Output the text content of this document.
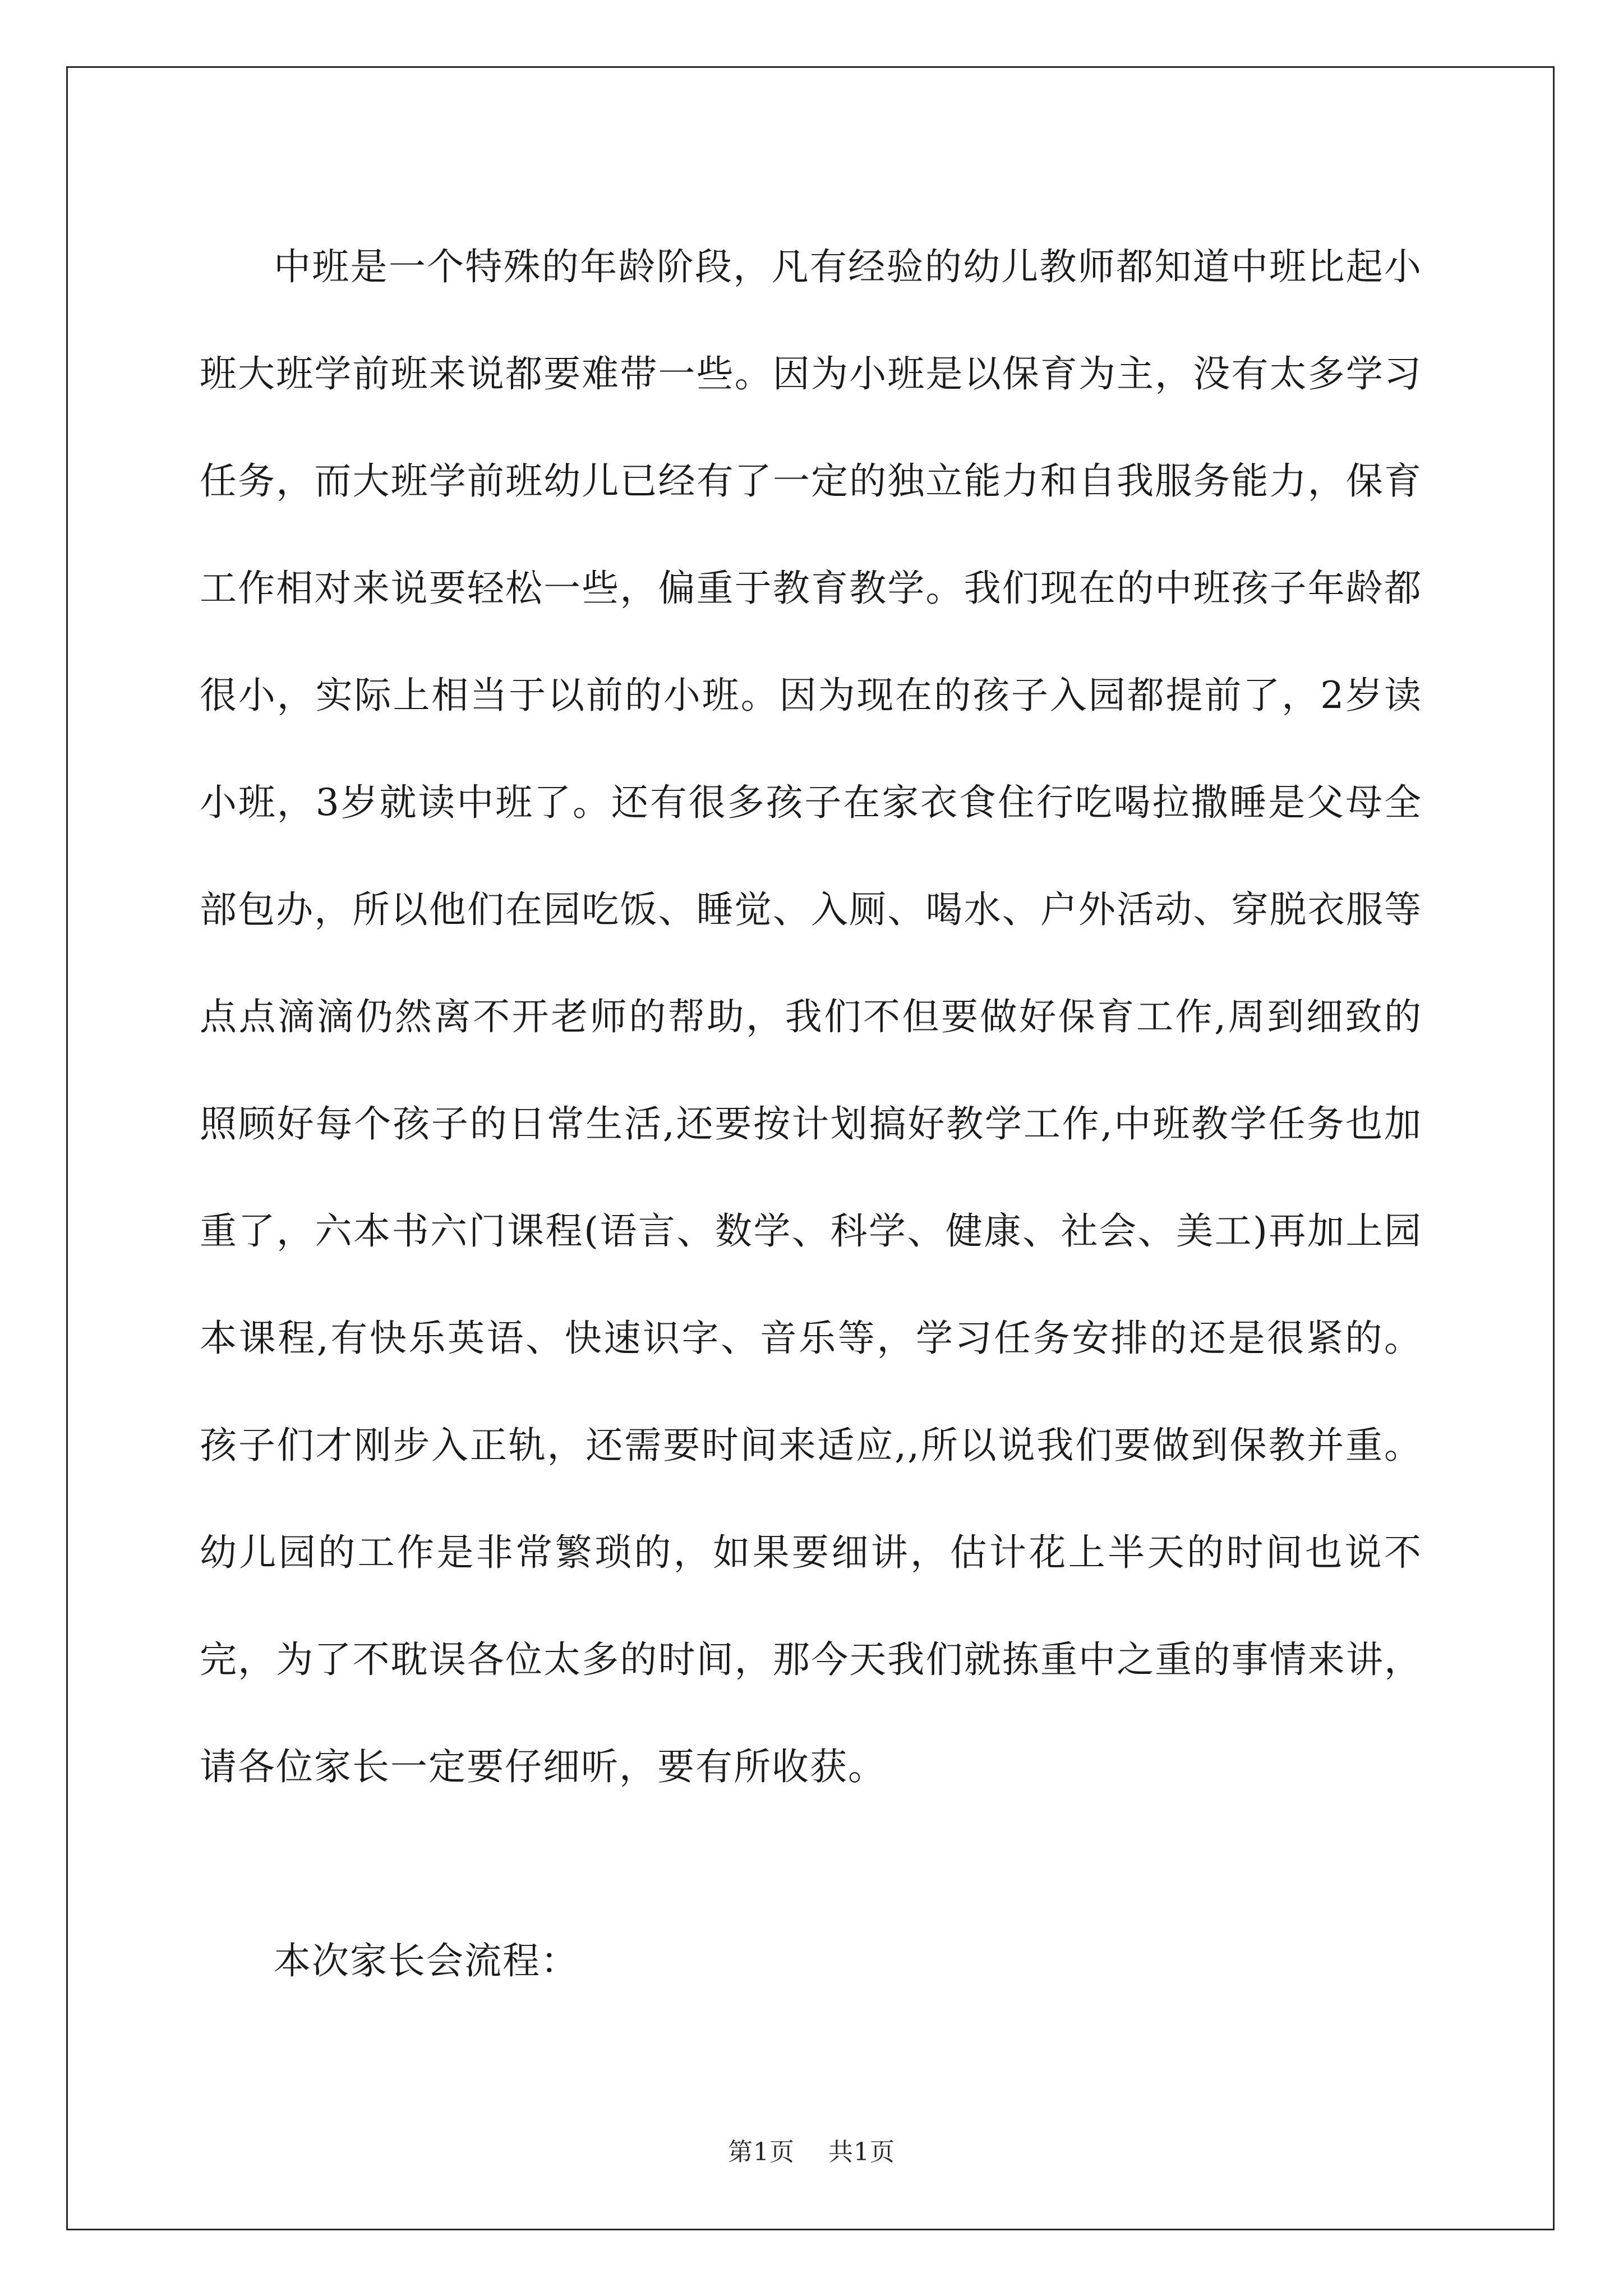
中班是一个特殊的年龄阶段，凡有经验的幼儿教师都知道中班比起小班大班学前班来说都要难带一些。因为小班是以保育为主，没有太多学习任务，而大班学前班幼儿已经有了一定的独立能力和自我服务能力，保育工作相对来说要轻松一些，偏重于教育教学。我们现在的中班孩子年龄都很小，实际上相当于以前的小班。因为现在的孩子入园都提前了，2岁读小班，3岁就读中班了。还有很多孩子在家衣食住行吃喝拉撒睡是父母全部包办，所以他们在园吃饭、睡觉、入厕、喝水、户外活动、穿脱衣服等点点滴滴仍然离不开老师的帮助，我们不但要做好保育工作,周到细致的照顾好每个孩子的日常生活,还要按计划搞好教学工作,中班教学任务也加重了，六本书六门课程(语言、数学、科学、健康、社会、美工)再加上园本课程,有快乐英语、快速识字、音乐等，学习任务安排的还是很紧的。孩子们才刚步入正轨，还需要时间来适应,,所以说我们要做到保教并重。幼儿园的工作是非常繁琐的，如果要细讲，估计花上半天的时间也说不完，为了不耽误各位太多的时间，那今天我们就拣重中之重的事情来讲，请各位家长一定要仔细听，要有所收获。

本次家长会流程：

第1页 共1页
